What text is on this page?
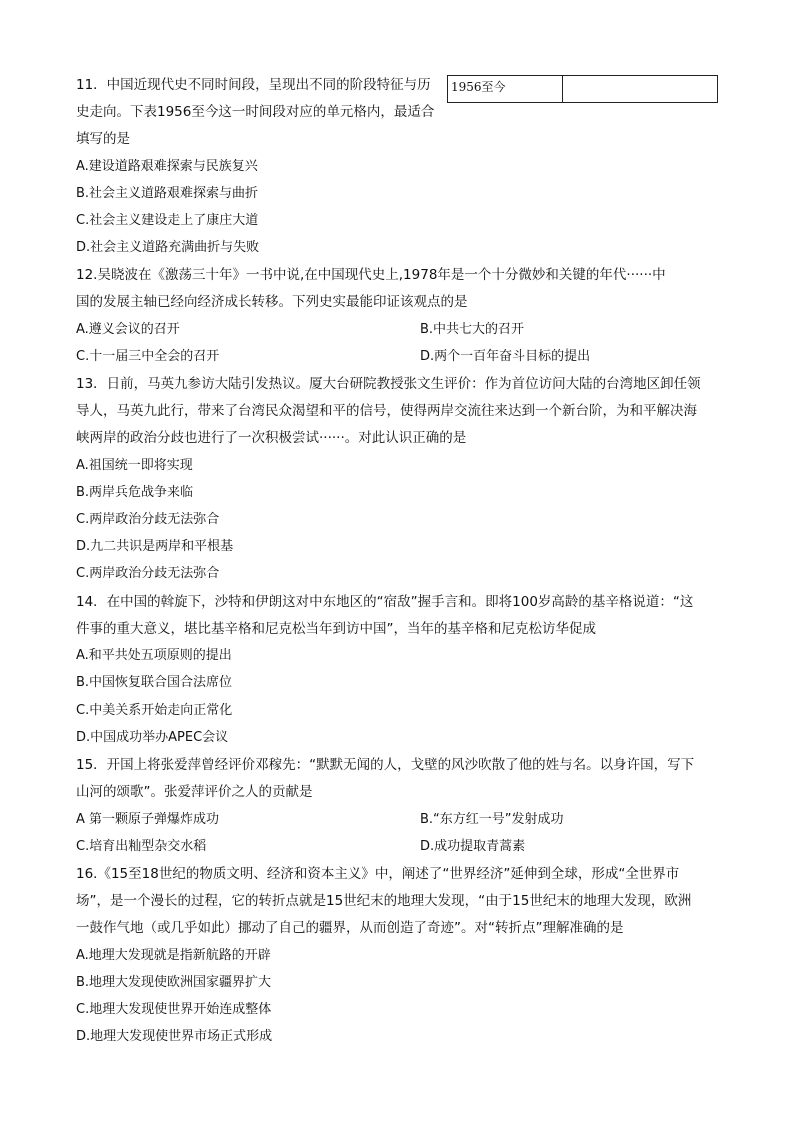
11．中国近现代史不同时间段，呈现出不同的阶段特征与历
史走向。下表1956至今这一时间段对应的单元格内，最适合
填写的是
1956至今	
A.建设道路艰难探索与民族复兴
B.社会主义道路艰难探索与曲折
C.社会主义建设走上了康庄大道
D.社会主义道路充满曲折与失败
12.吴晓波在《激荡三十年》一书中说,在中国现代史上,1978年是一个十分微妙和关键的年代······中
国的发展主轴已经向经济成长转移。下列史实最能印证该观点的是
A.遵义会议的召开	B.中共七大的召开
C.十一届三中全会的召开	D.两个一百年奋斗目标的提出
13．日前，马英九参访大陆引发热议。厦大台研院教授张文生评价：作为首位访问大陆的台湾地区卸任领
导人，马英九此行，带来了台湾民众渴望和平的信号，使得两岸交流往来达到一个新台阶，为和平解决海
峡两岸的政治分歧也进行了一次积极尝试······。对此认识正确的是
A.祖国统一即将实现
B.两岸兵危战争来临
C.两岸政治分歧无法弥合
D.九二共识是两岸和平根基
C.两岸政治分歧无法弥合
14．在中国的斡旋下，沙特和伊朗这对中东地区的“宿敌”握手言和。即将100岁高龄的基辛格说道：“这
件事的重大意义，堪比基辛格和尼克松当年到访中国”，当年的基辛格和尼克松访华促成
A.和平共处五项原则的提出
B.中国恢复联合国合法席位
C.中美关系开始走向正常化
D.中国成功举办APEC会议
15．开国上将张爱萍曾经评价邓稼先：“默默无闻的人，戈壁的风沙吹散了他的姓与名。以身许国，写下
山河的颂歌”。张爱萍评价之人的贡献是
A 第一颗原子弹爆炸成功	B.“东方红一号”发射成功
C.培育出籼型杂交水稻	D.成功提取青蒿素
16.《15至18世纪的物质文明、经济和资本主义》中，阐述了“世界经济”延伸到全球，形成“全世界市
场”，是一个漫长的过程，它的转折点就是15世纪末的地理大发现，“由于15世纪末的地理大发现，欧洲
一鼓作气地（或几乎如此）挪动了自己的疆界，从而创造了奇迹”。对“转折点”理解准确的是
A.地理大发现就是指新航路的开辟
B.地理大发现使欧洲国家疆界扩大
C.地理大发现使世界开始连成整体
D.地理大发现使世界市场正式形成
